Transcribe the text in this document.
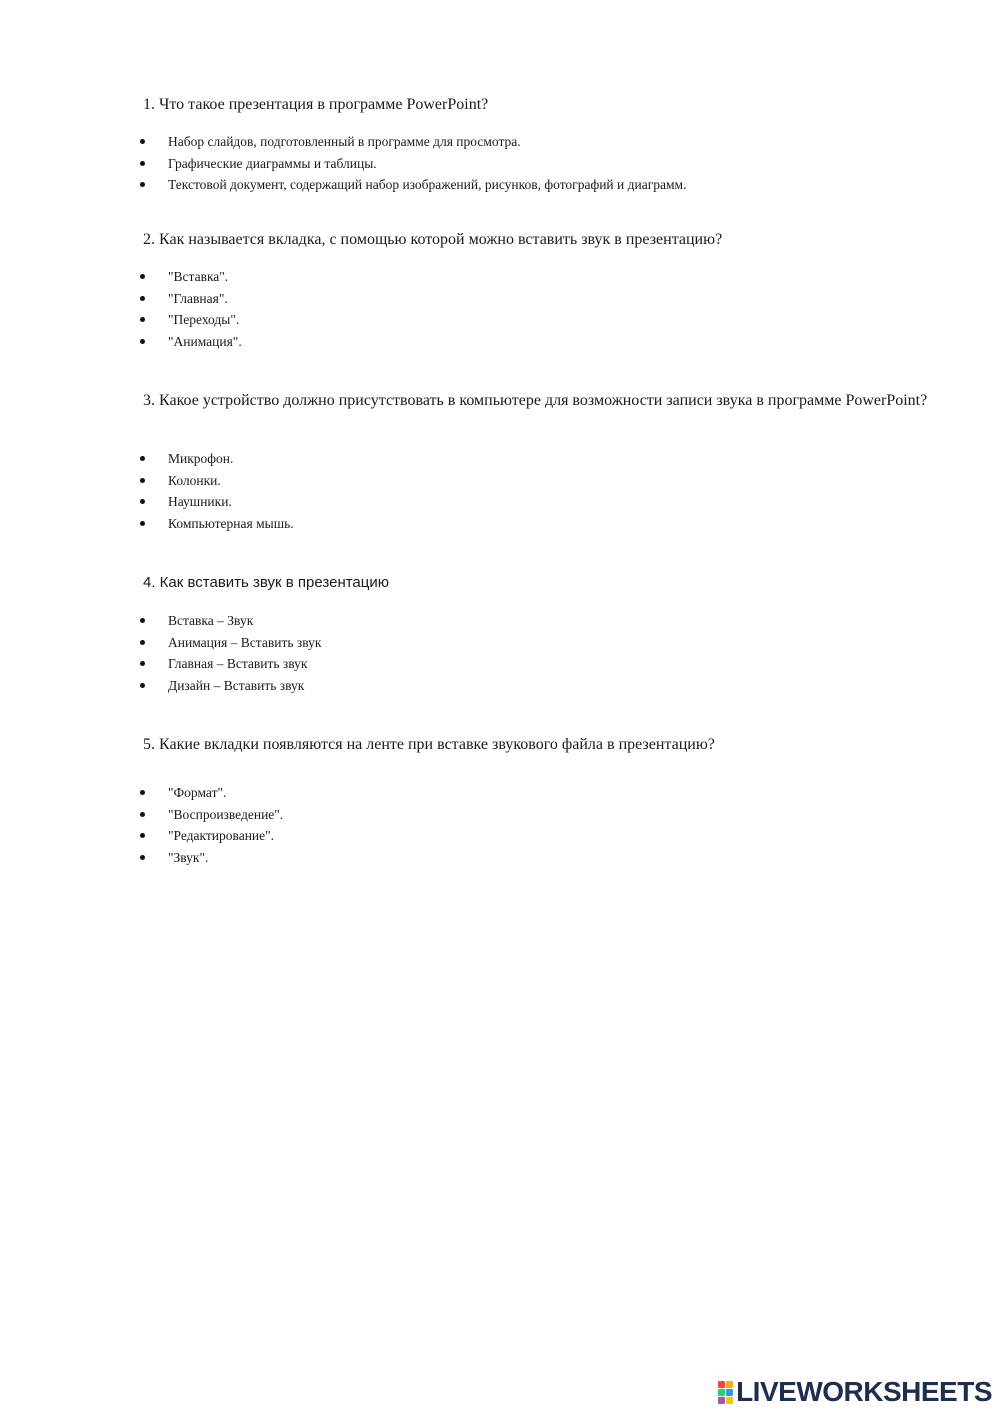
1. Что такое презентация в программе PowerPoint?

Набор слайдов, подготовленный в программе для просмотра.
Графические диаграммы и таблицы.
Текстовой документ, содержащий набор изображений, рисунков, фотографий и диаграмм.

2. Как называется вкладка, с помощью которой можно вставить звук в презентацию?

"Вставка".
"Главная".
"Переходы".
"Анимация".

3. Какое устройство должно присутствовать в компьютере для возможности записи звука в программе PowerPoint?

Микрофон.
Колонки.
Наушники.
Компьютерная мышь.

4. Как вставить звук в презентацию

Вставка – Звук
Анимация – Вставить звук
Главная – Вставить звук
Дизайн – Вставить звук

5. Какие вкладки появляются на ленте при вставке звукового файла в презентацию?

"Формат".
"Воспроизведение".
"Редактирование".
"Звук".
LIVEWORKSHEETS
